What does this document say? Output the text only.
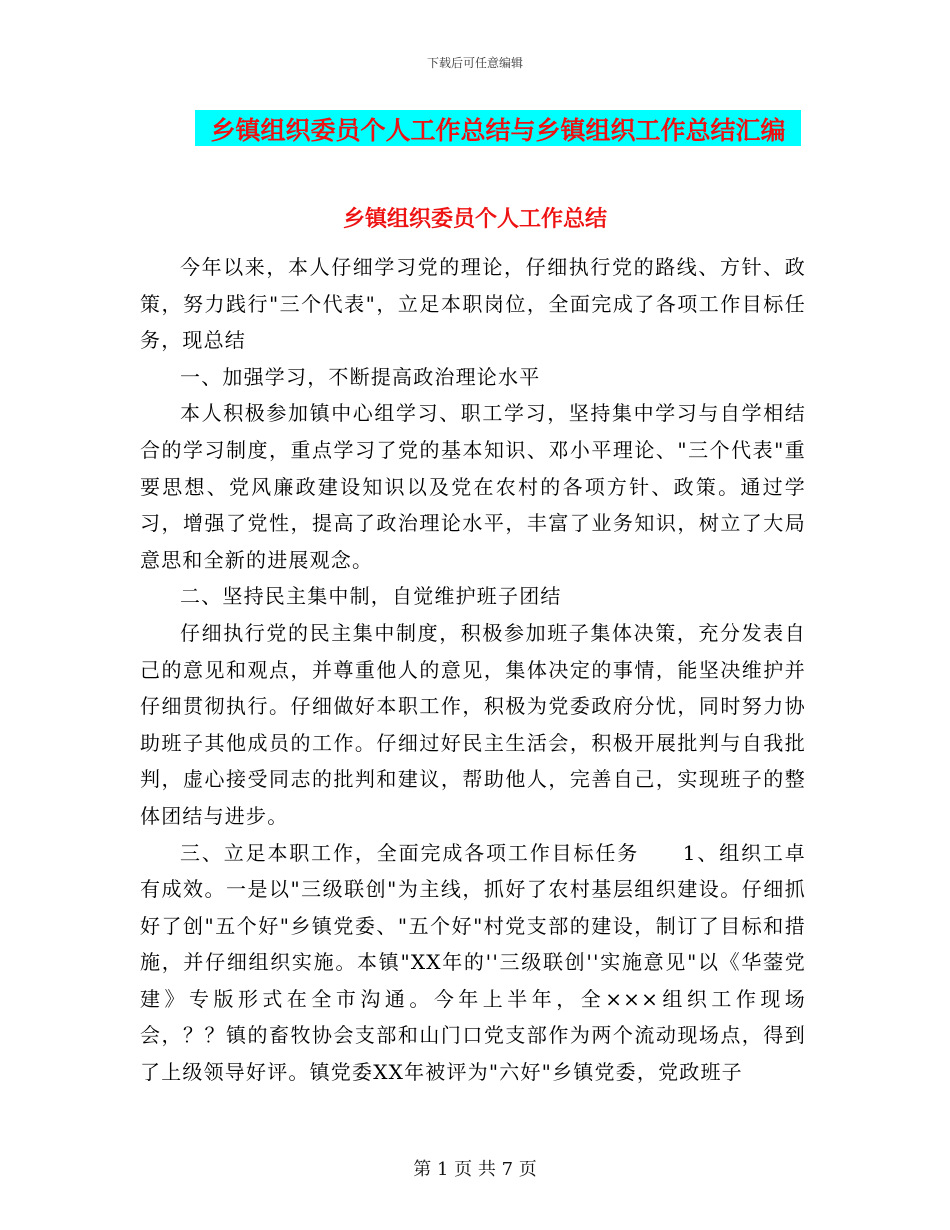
下载后可任意编辑
乡镇组织委员个人工作总结与乡镇组织工作总结汇编
乡镇组织委员个人工作总结

今年以来，本人仔细学习党的理论，仔细执行党的路线、方针、政策，努力践行"三个代表"，立足本职岗位，全面完成了各项工作目标任务，现总结

一、加强学习，不断提高政治理论水平

本人积极参加镇中心组学习、职工学习，坚持集中学习与自学相结合的学习制度，重点学习了党的基本知识、邓小平理论、"三个代表"重要思想、党风廉政建设知识以及党在农村的各项方针、政策。通过学习，增强了党性，提高了政治理论水平，丰富了业务知识，树立了大局意思和全新的进展观念。

二、坚持民主集中制，自觉维护班子团结

仔细执行党的民主集中制度，积极参加班子集体决策，充分发表自己的意见和观点，并尊重他人的意见，集体决定的事情，能坚决维护并仔细贯彻执行。仔细做好本职工作，积极为党委政府分忧，同时努力协助班子其他成员的工作。仔细过好民主生活会，积极开展批判与自我批判，虚心接受同志的批判和建议，帮助他人，完善自己，实现班子的整体团结与进步。

三、立足本职工作，全面完成各项工作目标任务　　1、组织工卓有成效。一是以"三级联创"为主线，抓好了农村基层组织建设。仔细抓好了创"五个好"乡镇党委、"五个好"村党支部的建设，制订了目标和措施，并仔细组织实施。本镇"XX年的''三级联创''实施意见"以《华蓥党建》专版形式在全市沟通。今年上半年，全×××组织工作现场会，？？镇的畜牧协会支部和山门口党支部作为两个流动现场点，得到了上级领导好评。镇党委XX年被评为"六好"乡镇党委，党政班子

第 1 页 共 7 页
